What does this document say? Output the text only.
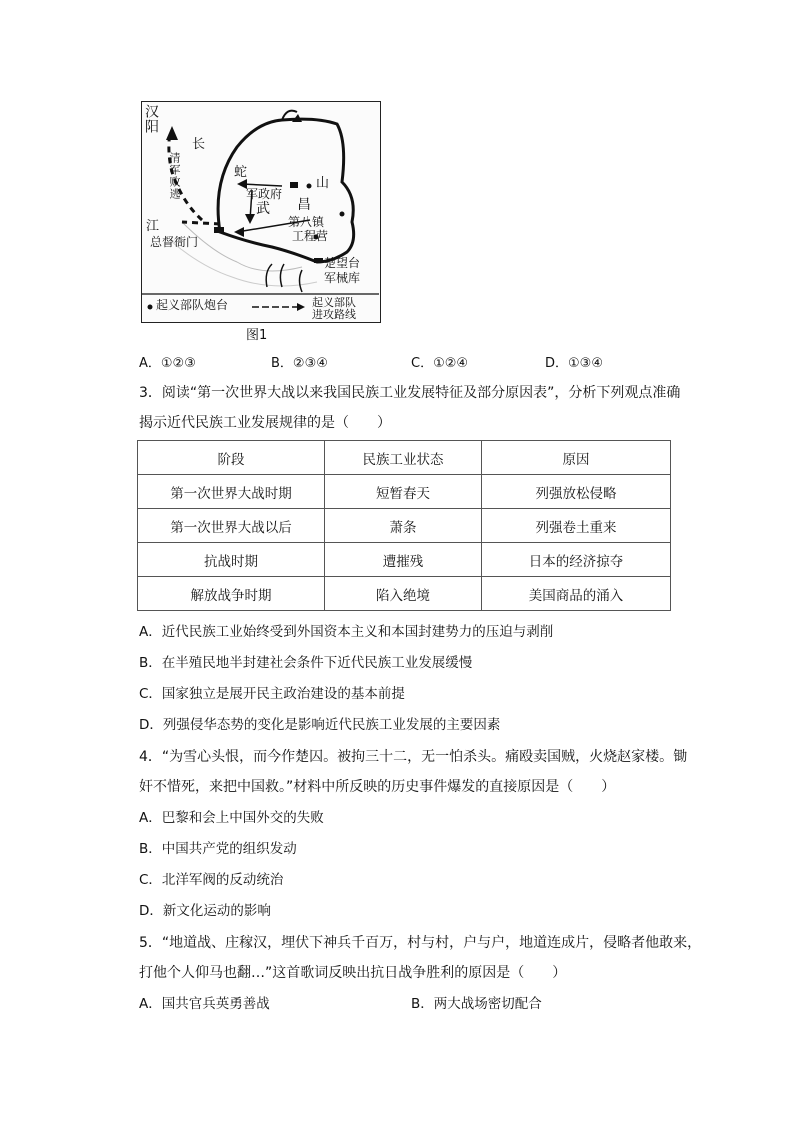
汉阳
长
清军败逃
江
蛇
山
军政府
武 昌
第八镇
工程营
总督衙门
楚望台
军械库
起义部队炮台	起义部队
进攻路线
图1
A．①②③	B．②③④	C．①②④	D．①③④
3．阅读“第一次世界大战以来我国民族工业发展特征及部分原因表”，分析下列观点准确
揭示近代民族工业发展规律的是（　　）
阶段	民族工业状态	原因
第一次世界大战时期	短暂春天	列强放松侵略
第一次世界大战以后	萧条	列强卷土重来
抗战时期	遭摧残	日本的经济掠夺
解放战争时期	陷入绝境	美国商品的涌入
A．近代民族工业始终受到外国资本主义和本国封建势力的压迫与剥削
B．在半殖民地半封建社会条件下近代民族工业发展缓慢
C．国家独立是展开民主政治建设的基本前提
D．列强侵华态势的变化是影响近代民族工业发展的主要因素
4．“为雪心头恨，而今作楚囚。被拘三十二，无一怕杀头。痛殴卖国贼，火烧赵家楼。锄
奸不惜死，来把中国救。”材料中所反映的历史事件爆发的直接原因是（　　）
A．巴黎和会上中国外交的失败
B．中国共产党的组织发动
C．北洋军阀的反动统治
D．新文化运动的影响
5．“地道战、庄稼汉，埋伏下神兵千百万，村与村，户与户，地道连成片，侵略者他敢来，
打他个人仰马也翻…”这首歌词反映出抗日战争胜利的原因是（　　）
A．国共官兵英勇善战	B．两大战场密切配合
